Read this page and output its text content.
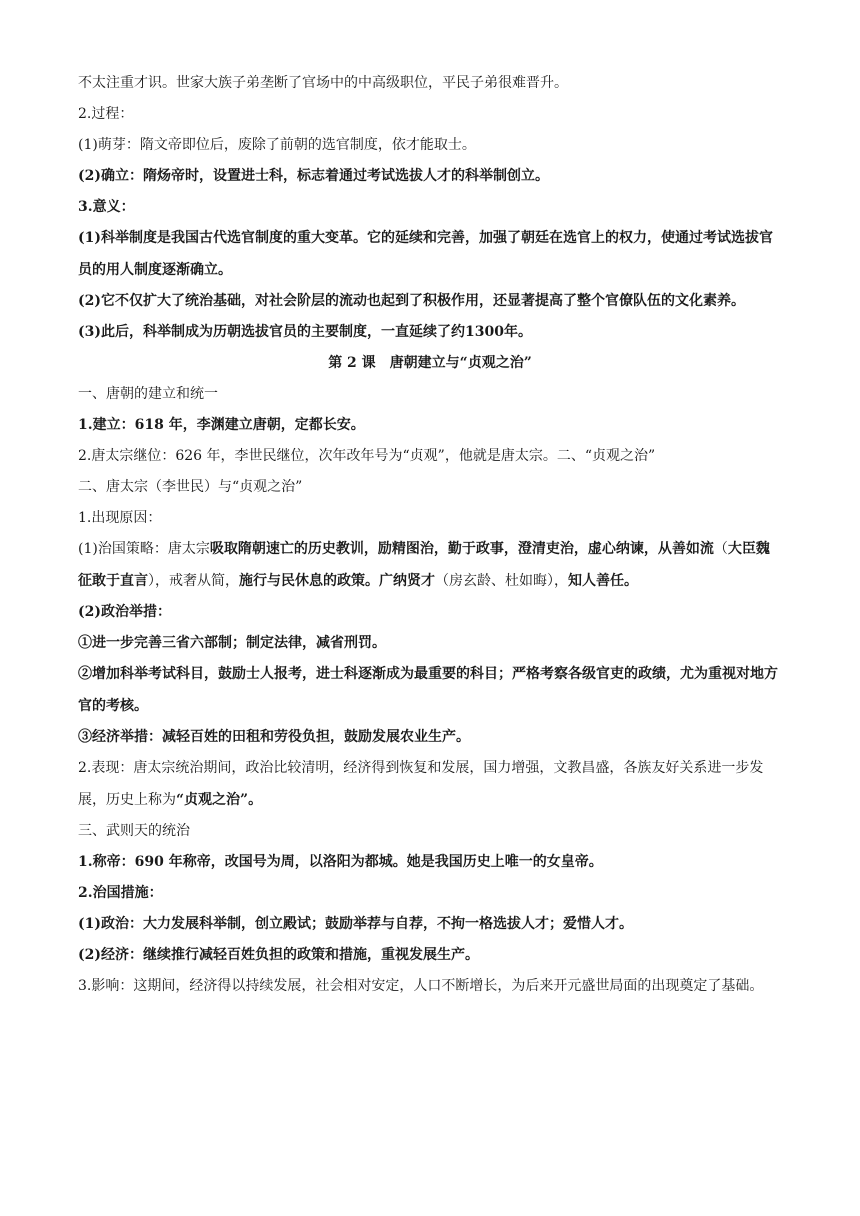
不太注重才识。世家大族子弟垄断了官场中的中高级职位，平民子弟很难晋升。

2.过程：

(1)萌芽：隋文帝即位后，废除了前朝的选官制度，依才能取士。

(2)确立：隋炀帝时，设置进士科，标志着通过考试选拔人才的科举制创立。

3.意义：

(1)科举制度是我国古代选官制度的重大变革。它的延续和完善，加强了朝廷在选官上的权力，使通过考试选拔官员的用人制度逐渐确立。

(2)它不仅扩大了统治基础，对社会阶层的流动也起到了积极作用，还显著提高了整个官僚队伍的文化素养。

(3)此后，科举制成为历朝选拔官员的主要制度，一直延续了约1300年。

第 2 课 唐朝建立与“贞观之治”

一、唐朝的建立和统一

1.建立：618 年，李渊建立唐朝，定都长安。

2.唐太宗继位：626 年，李世民继位，次年改年号为“贞观”，他就是唐太宗。二、“贞观之治”

二、唐太宗（李世民）与“贞观之治”

1.出现原因：

(1)治国策略：唐太宗吸取隋朝速亡的历史教训，励精图治，勤于政事，澄清吏治，虚心纳谏，从善如流（大臣魏征敢于直言），戒奢从简，施行与民休息的政策。广纳贤才（房玄龄、杜如晦），知人善任。

(2)政治举措：

①进一步完善三省六部制；制定法律，减省刑罚。

②增加科举考试科目，鼓励士人报考，进士科逐渐成为最重要的科目；严格考察各级官吏的政绩，尤为重视对地方官的考核。

③经济举措：减轻百姓的田租和劳役负担，鼓励发展农业生产。

2.表现：唐太宗统治期间，政治比较清明，经济得到恢复和发展，国力增强，文教昌盛，各族友好关系进一步发展，历史上称为“贞观之治”。

三、武则天的统治

1.称帝：690 年称帝，改国号为周，以洛阳为都城。她是我国历史上唯一的女皇帝。

2.治国措施：

(1)政治：大力发展科举制，创立殿试；鼓励举荐与自荐，不拘一格选拔人才；爱惜人才。

(2)经济：继续推行减轻百姓负担的政策和措施，重视发展生产。

3.影响：这期间，经济得以持续发展，社会相对安定，人口不断增长，为后来开元盛世局面的出现奠定了基础。
